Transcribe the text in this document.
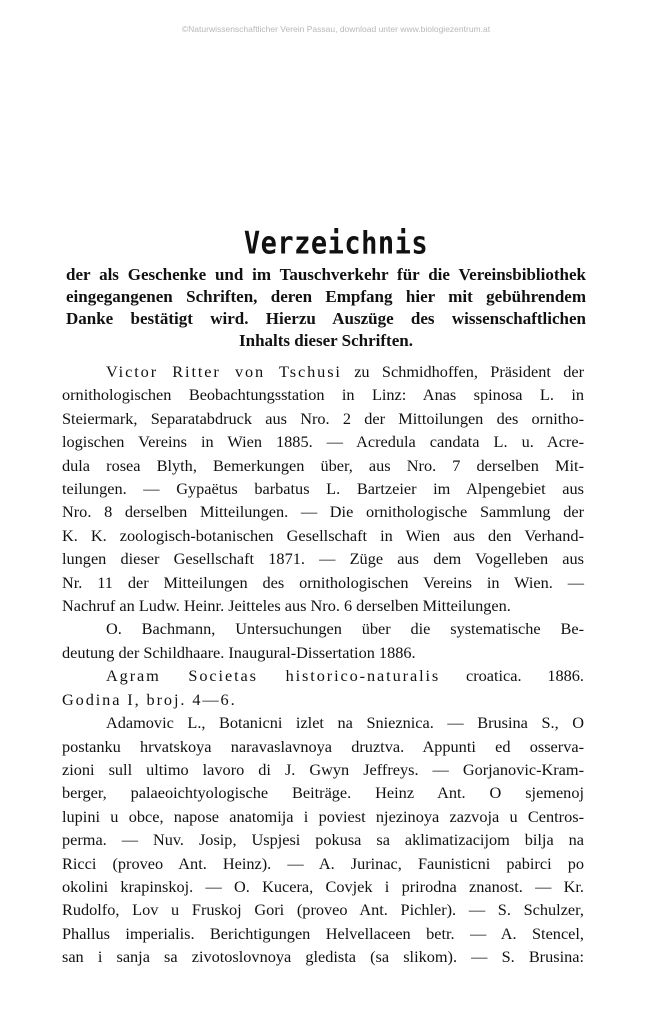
©Naturwissenschaftlicher Verein Passau, download unter www.biologiezentrum.at
Verzeichnis
der als Geschenke und im Tauschverkehr für die Vereinsbibliothek
eingegangenen Schriften, deren Empfang hier mit gebührendem
Danke bestätigt wird. Hierzu Auszüge des wissenschaftlichen
Inhalts dieser Schriften.
Victor Ritter von Tschusi zu Schmidhoffen, Präsident der
ornithologischen Beobachtungsstation in Linz: Anas spinosa L. in
Steiermark, Separatabdruck aus Nro. 2 der Mittoilungen des ornitho-
logischen Vereins in Wien 1885. — Acredula candata L. u. Acre-
dula rosea Blyth, Bemerkungen über, aus Nro. 7 derselben Mit-
teilungen. — Gypaëtus barbatus L. Bartzeier im Alpengebiet aus
Nro. 8 derselben Mitteilungen. — Die ornithologische Sammlung der
K. K. zoologisch-botanischen Gesellschaft in Wien aus den Verhand-
lungen dieser Gesellschaft 1871. — Züge aus dem Vogelleben aus
Nr. 11 der Mitteilungen des ornithologischen Vereins in Wien. —
Nachruf an Ludw. Heinr. Jeitteles aus Nro. 6 derselben Mitteilungen.
O. Bachmann, Untersuchungen über die systematische Be-
deutung der Schildhaare. Inaugural-Dissertation 1886.
Agram Societas historico-naturalis croatica. 1886.
Godina I, broj. 4—6.
Adamovic L., Botanicni izlet na Snieznica. — Brusina S., O
postanku hrvatskoya naravaslavnoya druztva. Appunti ed osserva-
zioni sull ultimo lavoro di J. Gwyn Jeffreys. — Gorjanovic-Kram-
berger, palaeoichtyologische Beiträge. Heinz Ant. O sjemenoj
lupini u obce, napose anatomija i poviest njezinoya zazvoja u Centros-
perma. — Nuv. Josip, Uspjesi pokusa sa aklimatizacijom bilja na
Ricci (proveo Ant. Heinz). — A. Jurinac, Faunisticni pabirci po
okolini krapinskoj. — O. Kucera, Covjek i prirodna znanost. — Kr.
Rudolfo, Lov u Fruskoj Gori (proveo Ant. Pichler). — S. Schulzer,
Phallus imperialis. Berichtigungen Helvellaceen betr. — A. Stencel,
san i sanja sa zivotoslovnoya gledista (sa slikom). — S. Brusina:
